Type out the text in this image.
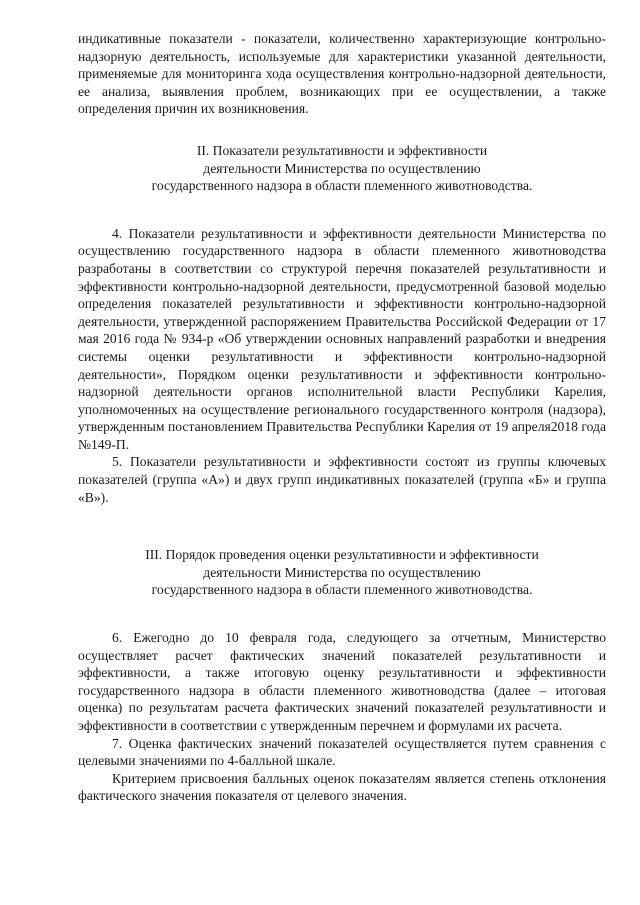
индикативные показатели - показатели, количественно характеризующие контрольно-надзорную деятельность, используемые для характеристики указанной деятельности, применяемые для мониторинга хода осуществления контрольно-надзорной деятельности, ее анализа, выявления проблем, возникающих при ее осуществлении, а также определения причин их возникновения.

II. Показатели результативности и эффективности
деятельности Министерства по осуществлению
государственного надзора в области племенного животноводства.

4. Показатели результативности и эффективности деятельности Министерства по осуществлению государственного надзора в области племенного животноводства разработаны в соответствии со структурой перечня показателей результативности и эффективности контрольно-надзорной деятельности, предусмотренной базовой моделью определения показателей результативности и эффективности контрольно-надзорной деятельности, утвержденной распоряжением Правительства Российской Федерации от 17 мая 2016 года № 934-р «Об утверждении основных направлений разработки и внедрения системы оценки результативности и эффективности контрольно-надзорной деятельности», Порядком оценки результативности и эффективности контрольно-надзорной деятельности органов исполнительной власти Республики Карелия, уполномоченных на осуществление регионального государственного контроля (надзора), утвержденным постановлением Правительства Республики Карелия от 19 апреля2018 года №149-П.

5. Показатели результативности и эффективности состоят из группы ключевых показателей (группа «А») и двух групп индикативных показателей (группа «Б» и группа «В»).

III. Порядок проведения оценки результативности и эффективности
деятельности Министерства по осуществлению
государственного надзора в области племенного животноводства.

6. Ежегодно до 10 февраля года, следующего за отчетным, Министерство осуществляет расчет фактических значений показателей результативности и эффективности, а также итоговую оценку результативности и эффективности государственного надзора в области племенного животноводства (далее – итоговая оценка) по результатам расчета фактических значений показателей результативности и эффективности в соответствии с утвержденным перечнем и формулами их расчета.

7. Оценка фактических значений показателей осуществляется путем сравнения с целевыми значениями по 4-балльной шкале.

Критерием присвоения балльных оценок показателям является степень отклонения фактического значения показателя от целевого значения.
